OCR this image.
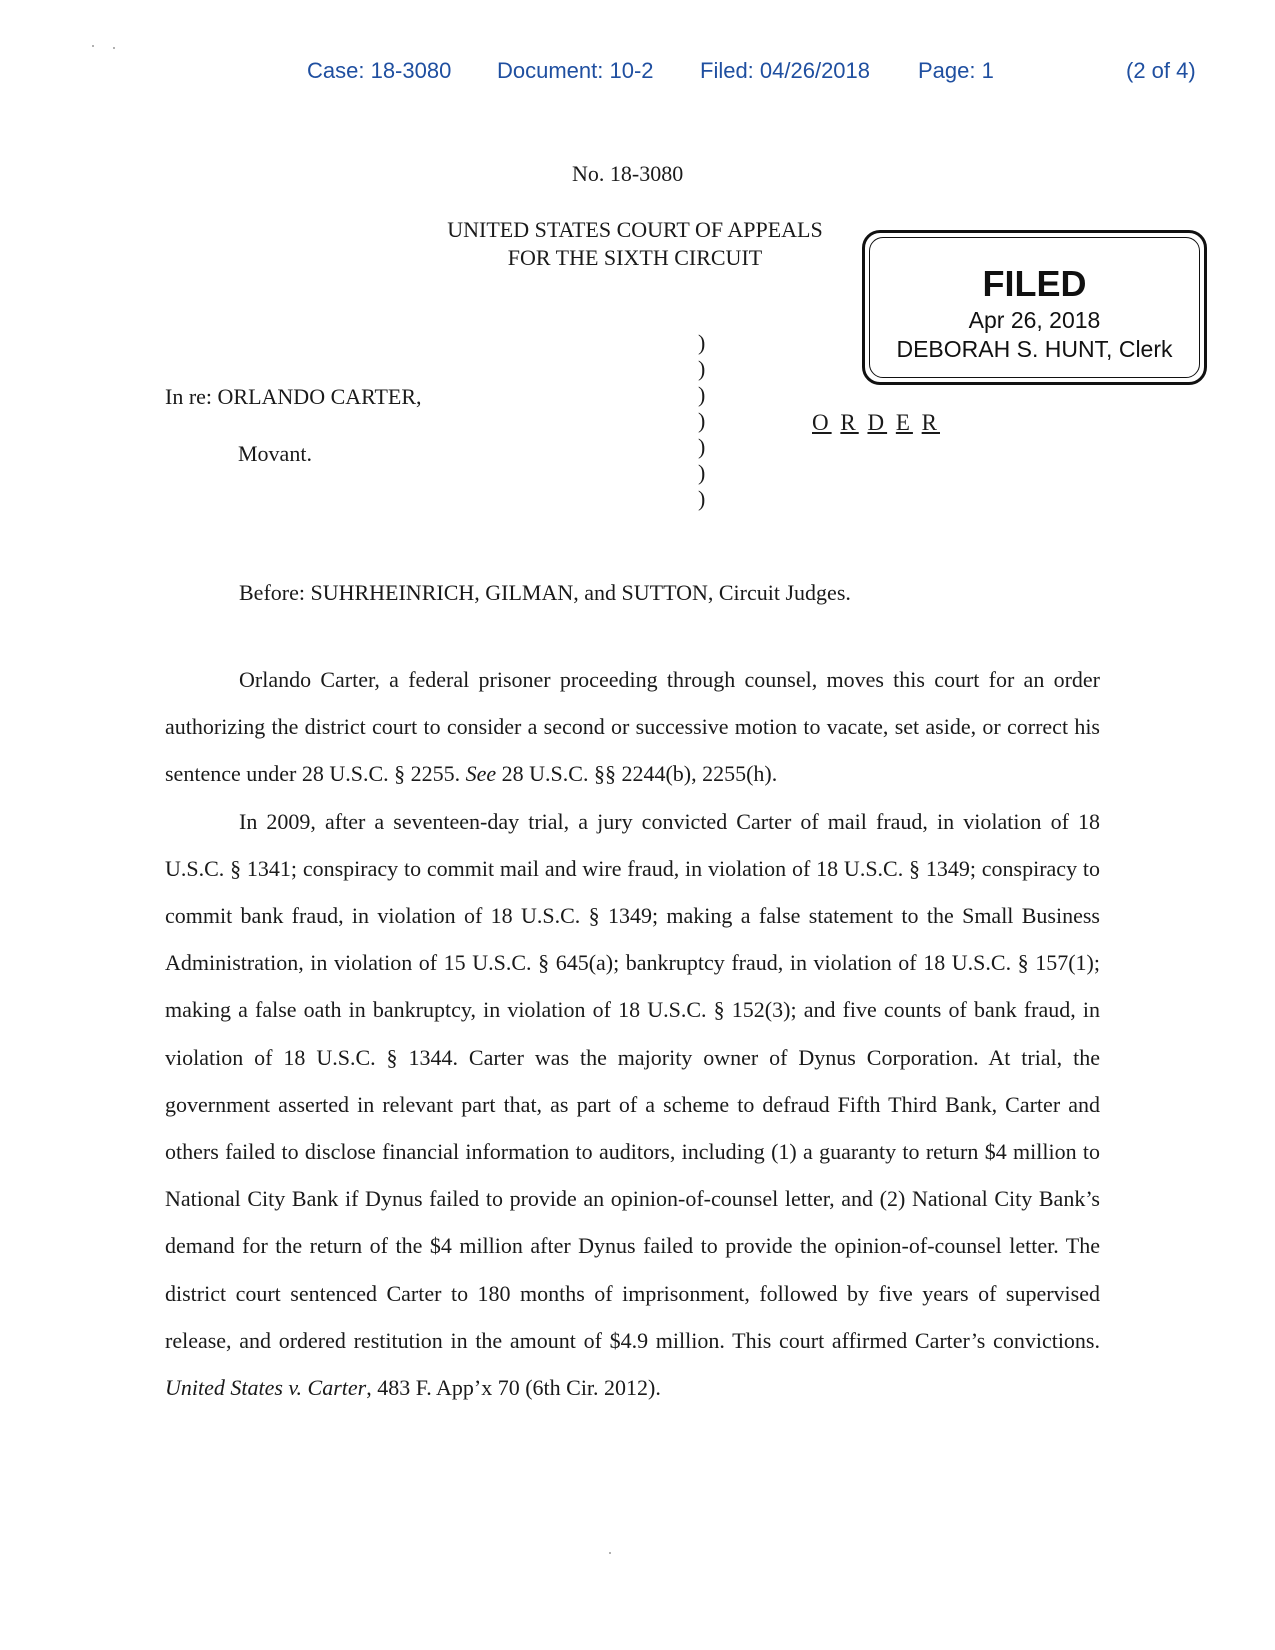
Case: 18-3080 Document: 10-2 Filed: 04/26/2018 Page: 1	(2 of 4)
No. 18-3080
UNITED STATES COURT OF APPEALS
FOR THE SIXTH CIRCUIT
FILED
Apr 26, 2018
DEBORAH S. HUNT, Clerk
In re: ORLANDO CARTER,
Movant.
)
)
)
)
)
)
)
O R D E R
Before: SUHRHEINRICH, GILMAN, and SUTTON, Circuit Judges.

Orlando Carter, a federal prisoner proceeding through counsel, moves this court for an order authorizing the district court to consider a second or successive motion to vacate, set aside, or correct his sentence under 28 U.S.C. § 2255. See 28 U.S.C. §§ 2244(b), 2255(h).

In 2009, after a seventeen-day trial, a jury convicted Carter of mail fraud, in violation of 18 U.S.C. § 1341; conspiracy to commit mail and wire fraud, in violation of 18 U.S.C. § 1349; conspiracy to commit bank fraud, in violation of 18 U.S.C. § 1349; making a false statement to the Small Business Administration, in violation of 15 U.S.C. § 645(a); bankruptcy fraud, in violation of 18 U.S.C. § 157(1); making a false oath in bankruptcy, in violation of 18 U.S.C. § 152(3); and five counts of bank fraud, in violation of 18 U.S.C. § 1344. Carter was the majority owner of Dynus Corporation. At trial, the government asserted in relevant part that, as part of a scheme to defraud Fifth Third Bank, Carter and others failed to disclose financial information to auditors, including (1) a guaranty to return $4 million to National City Bank if Dynus failed to provide an opinion-of-counsel letter, and (2) National City Bank’s demand for the return of the $4 million after Dynus failed to provide the opinion-of-counsel letter. The district court sentenced Carter to 180 months of imprisonment, followed by five years of supervised release, and ordered restitution in the amount of $4.9 million. This court affirmed Carter’s convictions. United States v. Carter, 483 F. App’x 70 (6th Cir. 2012).
